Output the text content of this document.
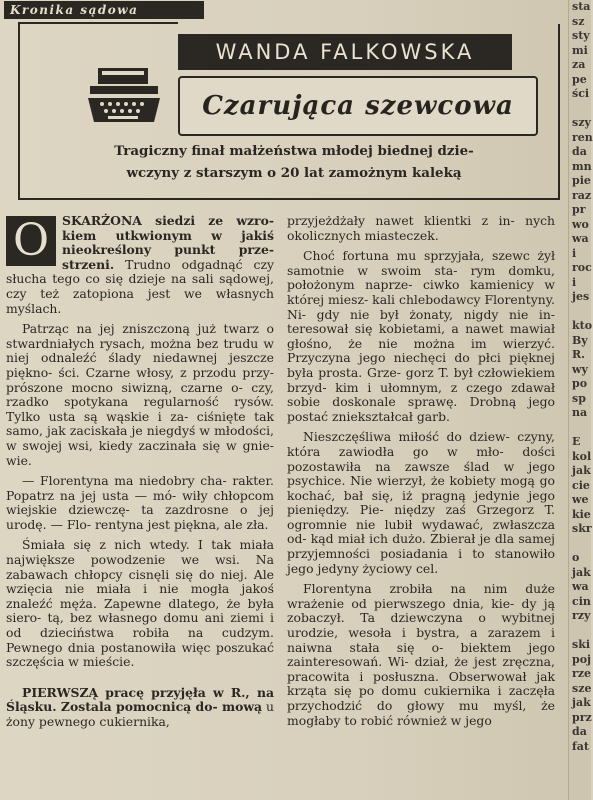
Kronika sądowa
WANDA FALKOWSKA
Czarująca szewcowa
Tragiczny finał małżeństwa młodej biednej dzie-
wczyny z starszym o 20 lat zamożnym kaleką

O	SKARŻONA siedzi ze wzro- kiem utkwionym w jakiś nieokreślony punkt prze- strzeni. Trudno odgadnąć czy słucha tego co się dzieje na sali sądowej, czy też zatopiona jest we własnych myślach.

Patrząc na jej zniszczoną już twarz o stwardniałych rysach, można bez trudu w niej odnaleźć ślady niedawnej jeszcze piękno- ści. Czarne włosy, z przodu przy- prószone mocno siwizną, czarne o- czy, rzadko spotykana regularność rysów. Tylko usta są wąskie i za- ciśnięte tak samo, jak zaciskała je niegdyś w młodości, w swojej wsi, kiedy zaczinała się w gnie- wie.

— Florentyna ma niedobry cha- rakter. Popatrz na jej usta — mó- wiły chłopcom wiejskie dziewczę- ta zazdrosne o jej urodę. — Flo- rentyna jest piękna, ale zła.

Śmiała się z nich wtedy. I tak miała największe powodzenie we wsi. Na zabawach chłopcy cisnęli się do niej. Ale wzięcia nie miała i nie mogła jakoś znaleźć męża. Zapewne dlatego, że była siero- tą, bez własnego domu ani ziemi i od dzieciństwa robiła na cudzym. Pewnego dnia postanowiła więc poszukać szczęścia w mieście.

PIERWSZĄ pracę przyjęła w R., na Śląsku. Zostala pomocnicą do- mową u żony pewnego cukiernika,

przyjeżdżały nawet klientki z in- nych okolicznych miasteczek.

Choć fortuna mu sprzyjała, szewc żył samotnie w swoim sta- rym domku, położonym naprze- ciwko kamienicy w której miesz- kali chlebodawcy Florentyny. Ni- gdy nie był żonaty, nigdy nie in- teresował się kobietami, a nawet mawiał głośno, że nie można im wierzyć. Przyczyna jego niechęci do płci pięknej była prosta. Grze- gorz T. był człowiekiem brzyd- kim i ułomnym, z czego zdawał sobie doskonale sprawę. Drobną jego postać zniekształcał garb.

Nieszczęśliwa miłość do dziew- czyny, która zawiodła go w mło- dości pozostawiła na zawsze ślad w jego psychice. Nie wierzył, że kobiety mogą go kochać, bał się, iż pragną jedynie jego pieniędzy. Pie- niędzy zaś Grzegorz T. ogromnie nie lubił wydawać, zwłaszcza od- kąd miał ich dużo. Zbierał je dla samej przyjemności posiadania i to stanowiło jego jedyny życiowy cel.

Florentyna zrobiła na nim duże wrażenie od pierwszego dnia, kie- dy ją zobaczył. Ta dziewczyna o wybitnej urodzie, wesoła i bystra, a zarazem i naiwna stała się o- biektem jego zainteresowań. Wi- dział, że jest zręczna, pracowita i posłuszna. Obserwował jak krząta się po domu cukiernika i zaczęła przychodzić do głowy mu myśl, że mogłaby to robić również w jego

sta
sz
sty
mi
za
pe
ści

szy
ren
da
mn
pie
raz
pr
wo
wa
i
roc
i
jes

kto
By
R.
wy
po
sp
na

E
kol
jak
cie
we
kie
skr

o
jak
wa
cin
rzy

ski
poj
rze
sze
jak
prz
da
fat
